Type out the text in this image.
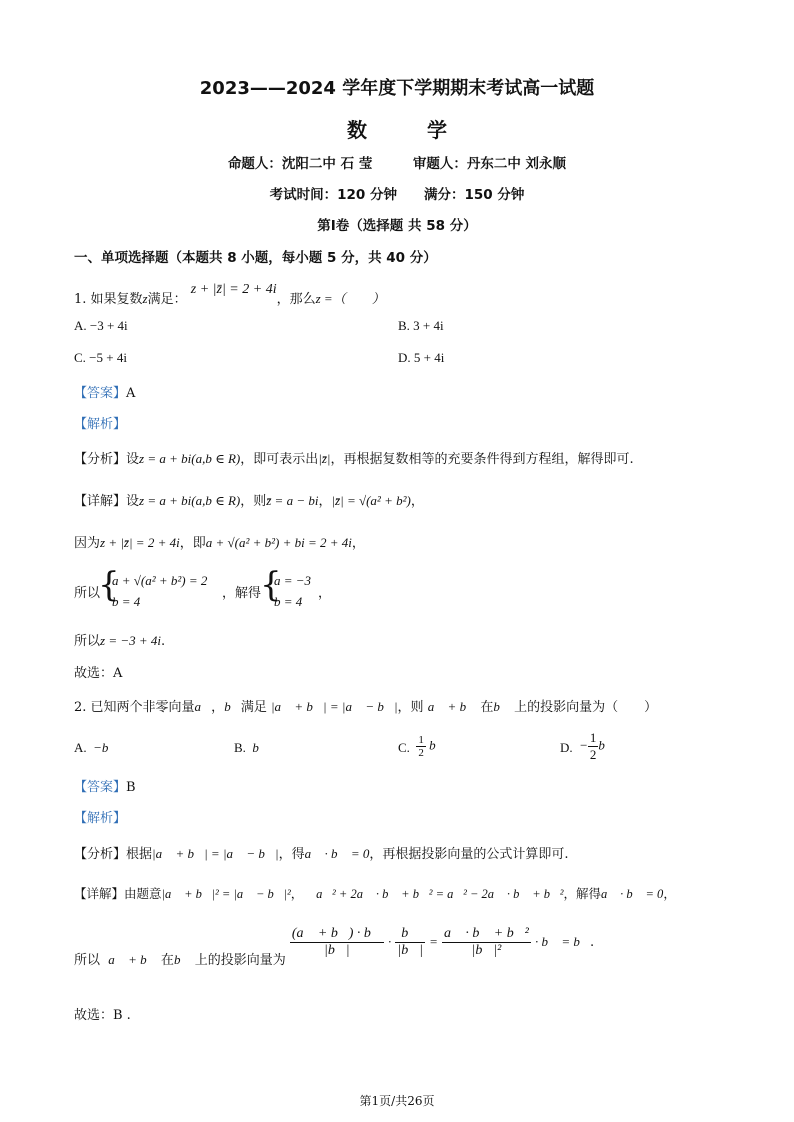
2023——2024 学年度下学期期末考试高一试题
数　　　学
命题人：沈阳二中 石 莹　　　审题人：丹东二中 刘永顺
考试时间：120 分钟　　满分：150 分钟
第Ⅰ卷（选择题 共 58 分）
一、单项选择题（本题共 8 小题，每小题 5 分，共 40 分）
1. 如果复数z满足： z + |z̄| = 2 + 4i，那么z =（　　）
A. −3 + 4i	B. 3 + 4i
C. −5 + 4i	D. 5 + 4i
【答案】A
【解析】
【分析】设z = a + bi(a,b ∈ R)，即可表示出|z̄|，再根据复数相等的充要条件得到方程组，解得即可.
【详解】设z = a + bi(a,b ∈ R)，则z̄ = a − bi，|z̄| = √(a² + b²)，
因为z + |z̄| = 2 + 4i，即a + √(a² + b²) + bi = 2 + 4i，
所以
{
a + √(a² + b²) = 2
b = 4
，解得
{
a = −3
b = 4
，
所以z = −3 + 4i.
故选：A
2. 已知两个非零向量a⃗，b⃗满足 |a⃗ + b⃗| = |a⃗ − b⃗|，则 a⃗ + b⃗ 在b⃗ 上的投影向量为（　　）
A. −b⃗	B. b⃗	C. $\frac{1}{2}$ b⃗	D. − $\frac{1}{2}$ b⃗
【答案】B
【解析】
【分析】根据|a⃗ + b⃗| = |a⃗ − b⃗|，得a⃗ · b⃗ = 0，再根据投影向量的公式计算即可.
【详解】由题意|a⃗ + b⃗|² = |a⃗ − b⃗|²，∴ a⃗² + 2a⃗ · b⃗ + b⃗² = a⃗² − 2a⃗ · b⃗ + b⃗²，解得a⃗ · b⃗ = 0，
所以 a⃗ + b⃗ 在b⃗ 上的投影向量为
$\frac{(a⃗ + b⃗) \cdot b⃗}{|b⃗|} \cdot \frac{b⃗}{|b⃗|} = \frac{\text{a⃗ · b⃗ + b⃗²}}{\text{|b⃗|²}}$ · b⃗ = b⃗.
故选：B .
第1页/共26页
